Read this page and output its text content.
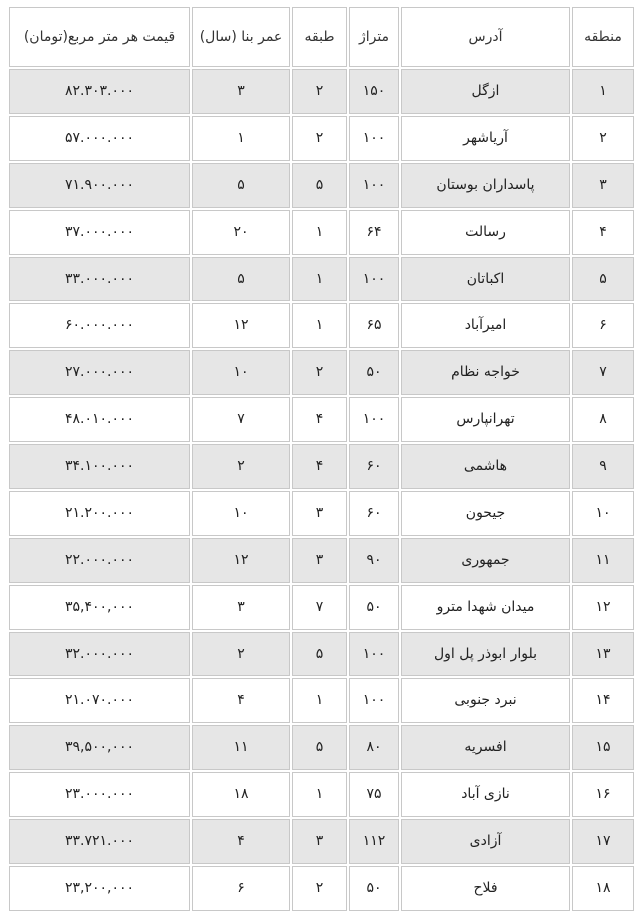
منطقه	آدرس	متراژ	طبقه	عمر بنا (سال)	قیمت هر متر مربع(تومان)
۱	ازگل	۱۵۰	۲	۳	۸۲.۳۰۳.۰۰۰
۲	آریاشهر	۱۰۰	۲	۱	۵۷.۰۰۰.۰۰۰
۳	پاسداران بوستان	۱۰۰	۵	۵	۷۱.۹۰۰.۰۰۰
۴	رسالت	۶۴	۱	۲۰	۳۷.۰۰۰.۰۰۰
۵	اکباتان	۱۰۰	۱	۵	۳۳.۰۰۰.۰۰۰
۶	امیرآباد	۶۵	۱	۱۲	۶۰.۰۰۰.۰۰۰
۷	خواجه نظام	۵۰	۲	۱۰	۲۷.۰۰۰.۰۰۰
۸	تهرانپارس	۱۰۰	۴	۷	۴۸.۰۱۰.۰۰۰
۹	هاشمی	۶۰	۴	۲	۳۴.۱۰۰.۰۰۰
۱۰	جیحون	۶۰	۳	۱۰	۲۱.۲۰۰.۰۰۰
۱۱	جمهوری	۹۰	۳	۱۲	۲۲.۰۰۰.۰۰۰
۱۲	میدان شهدا مترو	۵۰	۷	۳	۳۵,۴۰۰,۰۰۰
۱۳	بلوار ابوذر پل اول	۱۰۰	۵	۲	۳۲.۰۰۰.۰۰۰
۱۴	نبرد جنوبی	۱۰۰	۱	۴	۲۱.۰۷۰.۰۰۰
۱۵	افسریه	۸۰	۵	۱۱	۳۹,۵۰۰,۰۰۰
۱۶	نازی آباد	۷۵	۱	۱۸	۲۳.۰۰۰.۰۰۰
۱۷	آزادی	۱۱۲	۳	۴	۳۳.۷۲۱.۰۰۰
۱۸	فلاح	۵۰	۲	۶	۲۳,۲۰۰,۰۰۰
